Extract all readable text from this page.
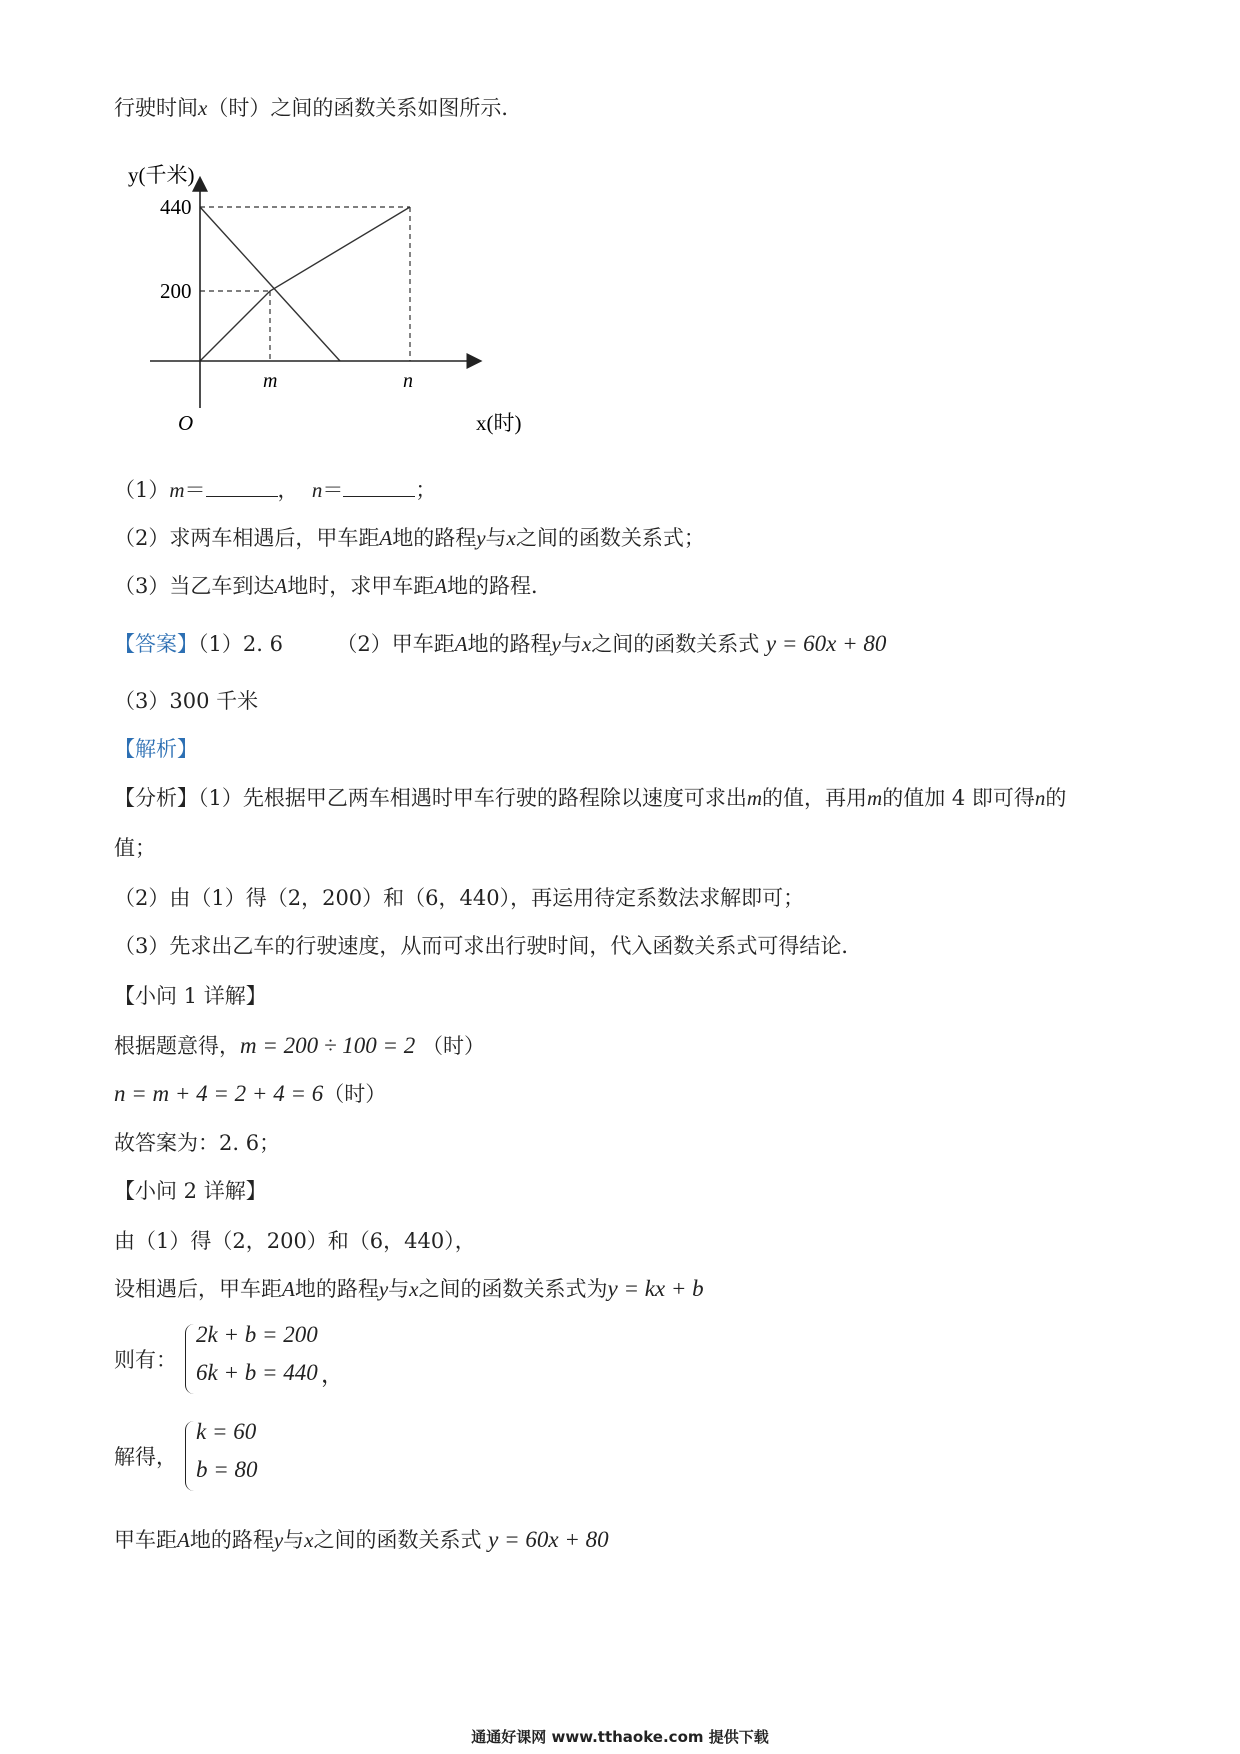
行驶时间x（时）之间的函数关系如图所示．
y(千米)
x(时)
O
440
200
m	n
（1）m＝	， n＝	；
（2）求两车相遇后，甲车距A地的路程y与x之间的函数关系式；
（3）当乙车到达A地时，求甲车距A地的路程．
【答案】（1）2. 6	（2）甲车距A地的路程y与x之间的函数关系式 y = 60x + 80
（3）300 千米
【解析】
【分析】（1）先根据甲乙两车相遇时甲车行驶的路程除以速度可求出m的值，再用m的值加 4 即可得n的
值；
（2）由（1）得（2，200）和（6，440），再运用待定系数法求解即可；
（3）先求出乙车的行驶速度，从而可求出行驶时间，代入函数关系式可得结论．
【小问 1 详解】
根据题意得，m = 200 ÷ 100 = 2 （时）
n = m + 4 = 2 + 4 = 6（时）
故答案为：2. 6；
【小问 2 详解】
由（1）得（2，200）和（6，440），
设相遇后，甲车距A地的路程y与x之间的函数关系式为y = kx + b
则有：
2k + b = 200
6k + b = 440 ，
解得，
k = 60
b = 80
甲车距A地的路程y与x之间的函数关系式 y = 60x + 80
通通好课网 www.tthaoke.com 提供下载
